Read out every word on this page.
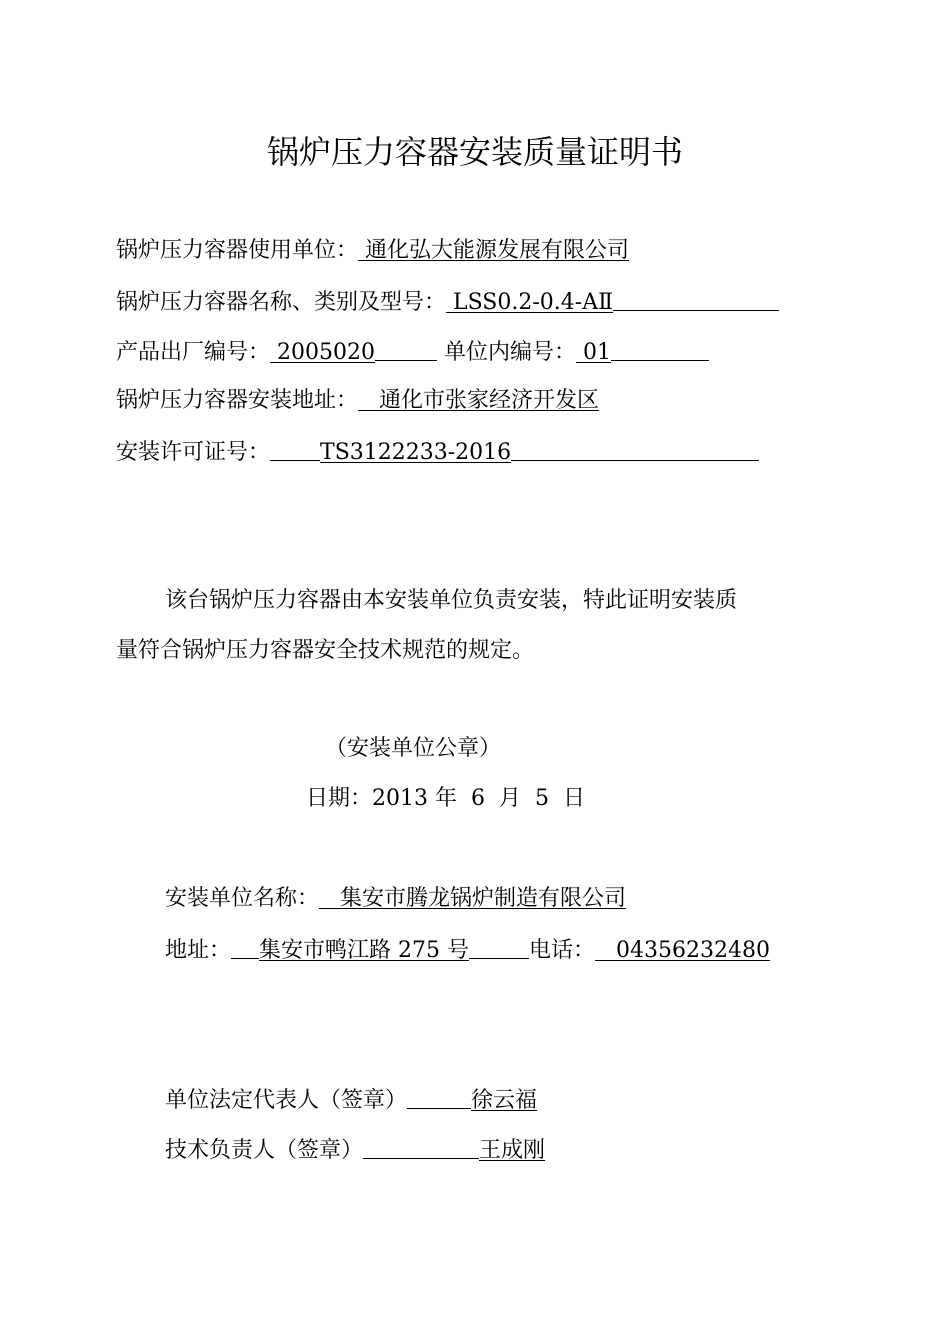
锅炉压力容器安装质量证明书
锅炉压力容器使用单位： 通化弘大能源发展有限公司
锅炉压力容器名称、类别及型号： LSS0.2-0.4-AⅡ
产品出厂编号： 2005020	单位内编号： 01
锅炉压力容器安装地址： 通化市张家经济开发区
安装许可证号： TS3122233-2016
该台锅炉压力容器由本安装单位负责安装，特此证明安装质
量符合锅炉压力容器安全技术规范的规定。
（安装单位公章）
日期：2013 年 6 月 5 日
安装单位名称： 集安市腾龙锅炉制造有限公司
地址： 集安市鸭江路 275 号	电话： 04356232480
单位法定代表人（签章）	徐云福
技术负责人（签章）	王成刚
